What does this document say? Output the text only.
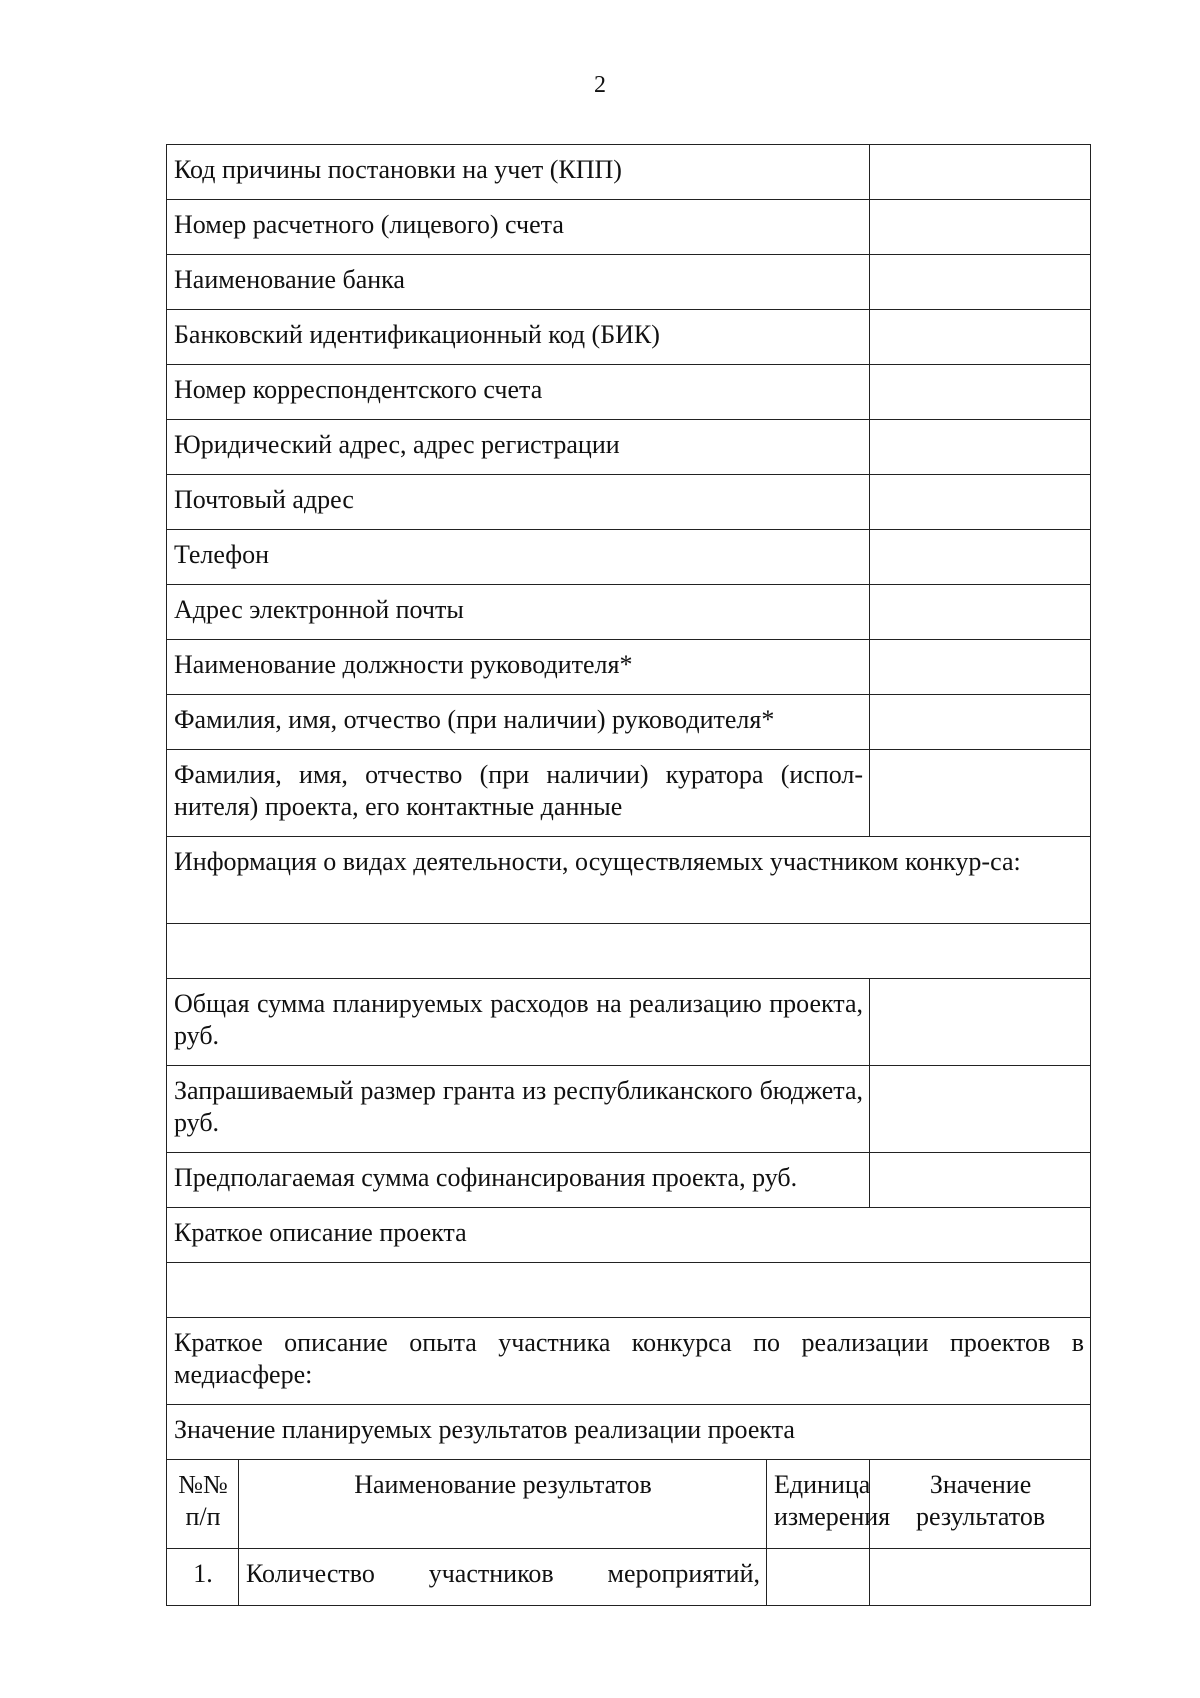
2
Код причины постановки на учет (КПП)			
Номер расчетного (лицевого) счета			
Наименование банка			
Банковский идентификационный код (БИК)			
Номер корреспондентского счета			
Юридический адрес, адрес регистрации			
Почтовый адрес			
Телефон			
Адрес электронной почты			
Наименование должности руководителя*			
Фамилия, имя, отчество (при наличии) руководителя*			
Фамилия, имя, отчество (при наличии) куратора (испол-нителя) проекта, его контактные данные			
Информация о видах деятельности, осуществляемых участником конкур-са:			

Общая сумма планируемых расходов на реализацию проекта, руб.			
Запрашиваемый размер гранта из республиканского бюджета, руб.			
Предполагаемая сумма софинансирования проекта, руб.			
Краткое описание проекта			

Краткое описание опыта участника конкурса по реализации проектов в медиасфере:			
Значение планируемых результатов реализации проекта			
№№ п/п	Наименование результатов	Единица измерения	Значение результатов
1.	Количество участников мероприятий,		
